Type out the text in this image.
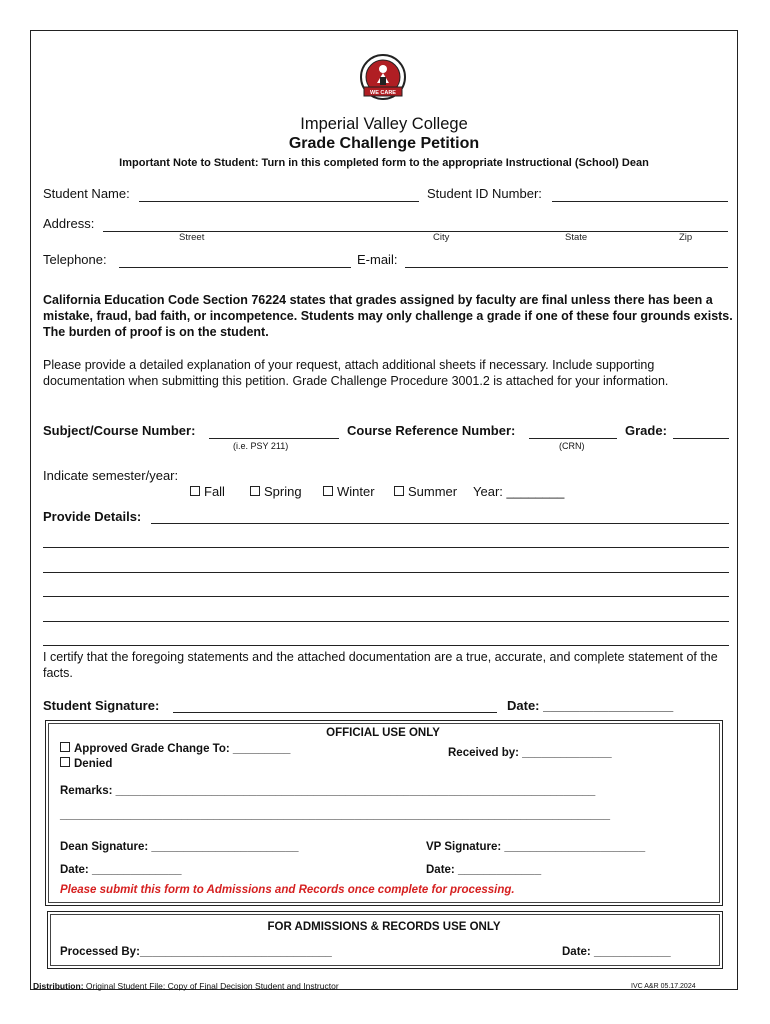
WE CARE
Imperial Valley College
Grade Challenge Petition
Important Note to Student: Turn in this completed form to the appropriate Instructional (School) Dean
Student Name:	Student ID Number:
Address:
Street	City	State	Zip
Telephone:	E-mail:
California Education Code Section 76224 states that grades assigned by faculty are final unless there has been a mistake, fraud, bad faith, or incompetence. Students may only challenge a grade if one of these four grounds exists. The burden of proof is on the student.
Please provide a detailed explanation of your request, attach additional sheets if necessary. Include supporting documentation when submitting this petition. Grade Challenge Procedure 3001.2 is attached for your information.
Subject/Course Number:
(i.e. PSY 211)
Course Reference Number:
(CRN)
Grade:
Indicate semester/year:
Fall	Spring	Winter	Summer Year: ________
Provide Details:
I certify that the foregoing statements and the attached documentation are a true, accurate, and complete statement of the facts.
Student Signature:	Date: __________________
OFFICIAL USE ONLY
Approved Grade Change To: _________
Denied
Received by: ______________
Remarks: ___________________________________________________________________________
______________________________________________________________________________________
Dean Signature: _______________________	VP Signature: ______________________
Date: ______________	Date: _____________
Please submit this form to Admissions and Records once complete for processing.
FOR ADMISSIONS & RECORDS USE ONLY
Processed By:______________________________	Date: ____________
Distribution: Original Student File; Copy of Final Decision Student and Instructor	IVC A&R 05.17.2024
